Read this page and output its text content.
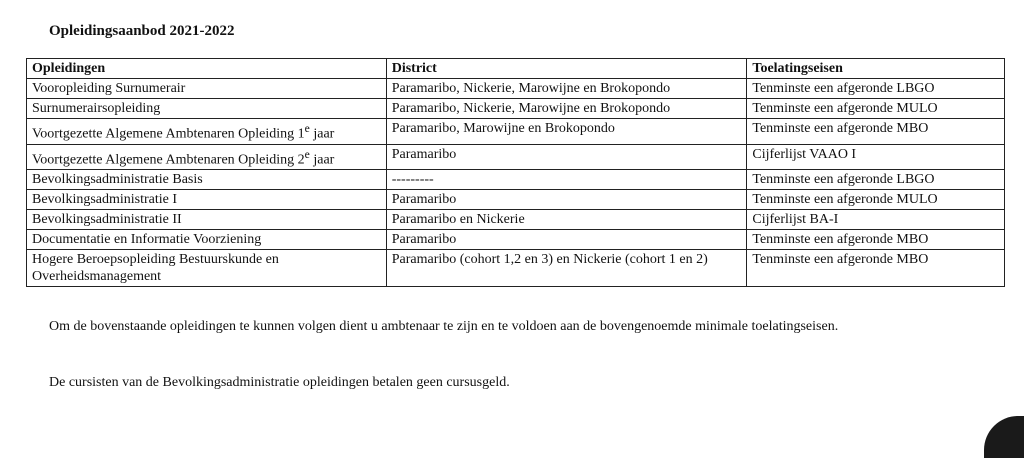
Opleidingsaanbod 2021-2022
Opleidingen	District	Toelatingseisen
Vooropleiding Surnumerair	Paramaribo, Nickerie, Marowijne en Brokopondo	Tenminste een afgeronde LBGO
Surnumerairsopleiding	Paramaribo, Nickerie, Marowijne en Brokopondo	Tenminste een afgeronde MULO
Voortgezette Algemene Ambtenaren Opleiding 1e jaar	Paramaribo, Marowijne en Brokopondo	Tenminste een afgeronde MBO
Voortgezette Algemene Ambtenaren Opleiding 2e jaar	Paramaribo	Cijferlijst VAAO I
Bevolkingsadministratie Basis	---------	Tenminste een afgeronde LBGO
Bevolkingsadministratie I	Paramaribo	Tenminste een afgeronde MULO
Bevolkingsadministratie II	Paramaribo en Nickerie	Cijferlijst BA-I
Documentatie en Informatie Voorziening	Paramaribo	Tenminste een afgeronde MBO
Hogere Beroepsopleiding Bestuurskunde en Overheidsmanagement	Paramaribo (cohort 1,2 en 3) en Nickerie (cohort 1 en 2)	Tenminste een afgeronde MBO

Om de bovenstaande opleidingen te kunnen volgen dient u ambtenaar te zijn en te voldoen aan de bovengenoemde minimale toelatingseisen.

De cursisten van de Bevolkingsadministratie opleidingen betalen geen cursusgeld.
